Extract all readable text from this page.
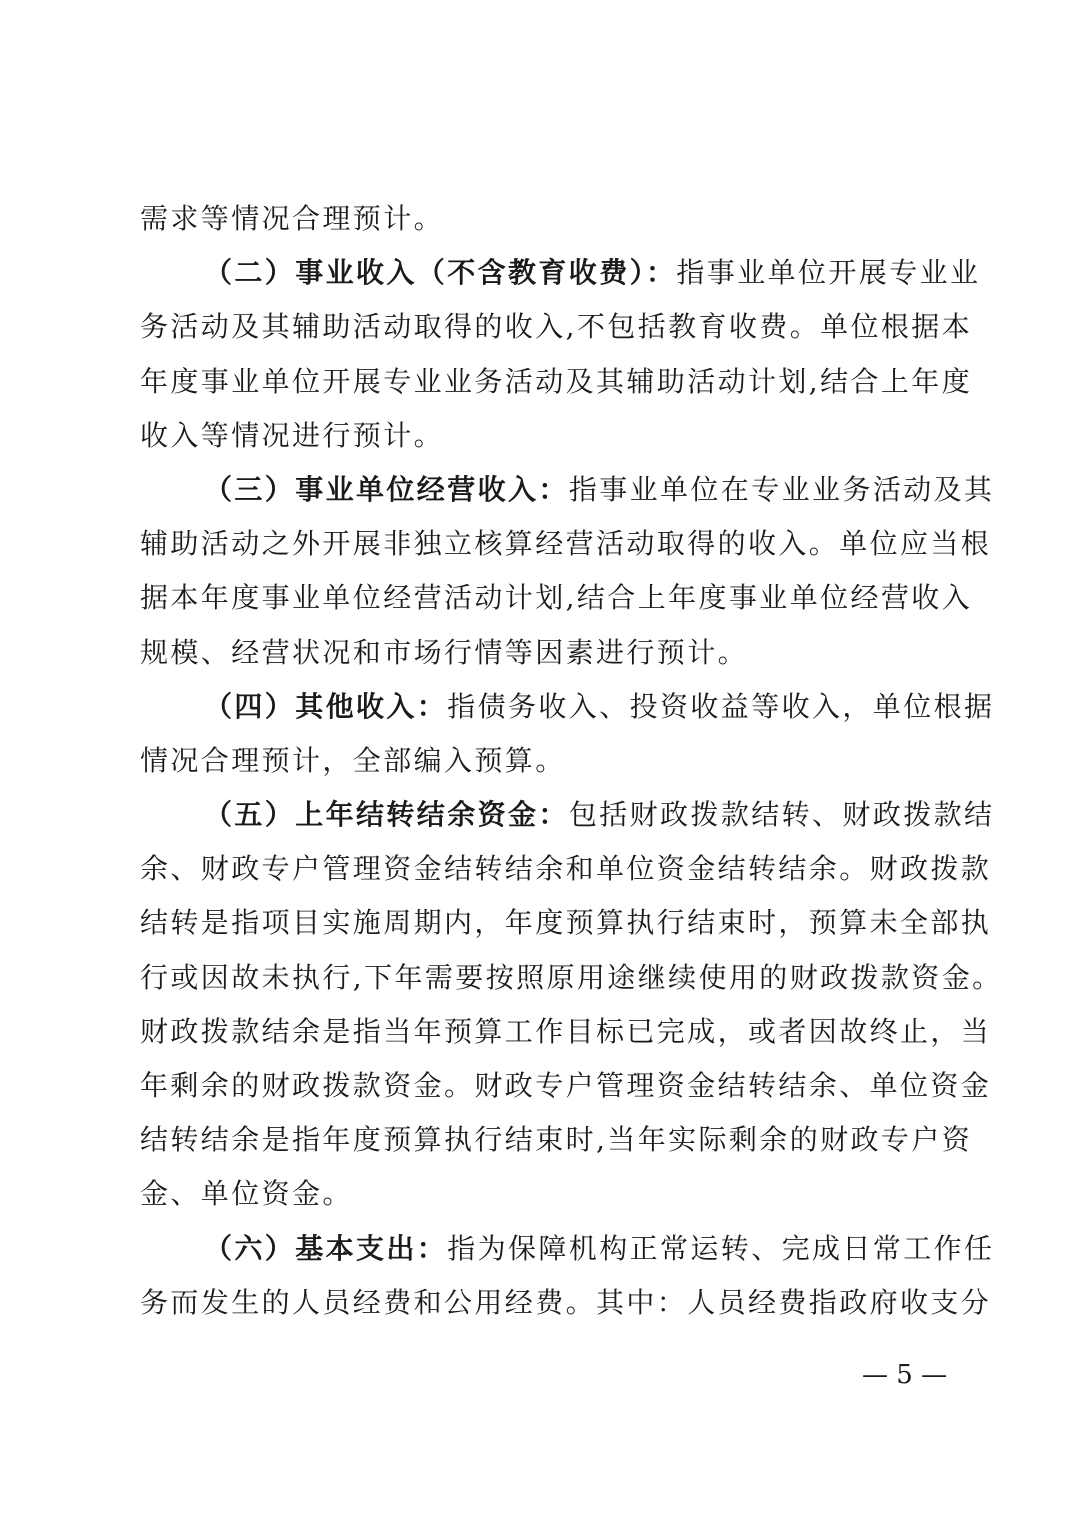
需求等情况合理预计。
（二）事业收入（不含教育收费）：指事业单位开展专业业
务活动及其辅助活动取得的收入,不包括教育收费。单位根据本
年度事业单位开展专业业务活动及其辅助活动计划,结合上年度
收入等情况进行预计。
（三）事业单位经营收入：指事业单位在专业业务活动及其
辅助活动之外开展非独立核算经营活动取得的收入。单位应当根
据本年度事业单位经营活动计划,结合上年度事业单位经营收入
规模、经营状况和市场行情等因素进行预计。
（四）其他收入：指债务收入、投资收益等收入，单位根据
情况合理预计，全部编入预算。
（五）上年结转结余资金：包括财政拨款结转、财政拨款结
余、财政专户管理资金结转结余和单位资金结转结余。财政拨款
结转是指项目实施周期内，年度预算执行结束时，预算未全部执
行或因故未执行,下年需要按照原用途继续使用的财政拨款资金。
财政拨款结余是指当年预算工作目标已完成，或者因故终止，当
年剩余的财政拨款资金。财政专户管理资金结转结余、单位资金
结转结余是指年度预算执行结束时,当年实际剩余的财政专户资
金、单位资金。
（六）基本支出：指为保障机构正常运转、完成日常工作任
务而发生的人员经费和公用经费。其中：人员经费指政府收支分
— 5 —
